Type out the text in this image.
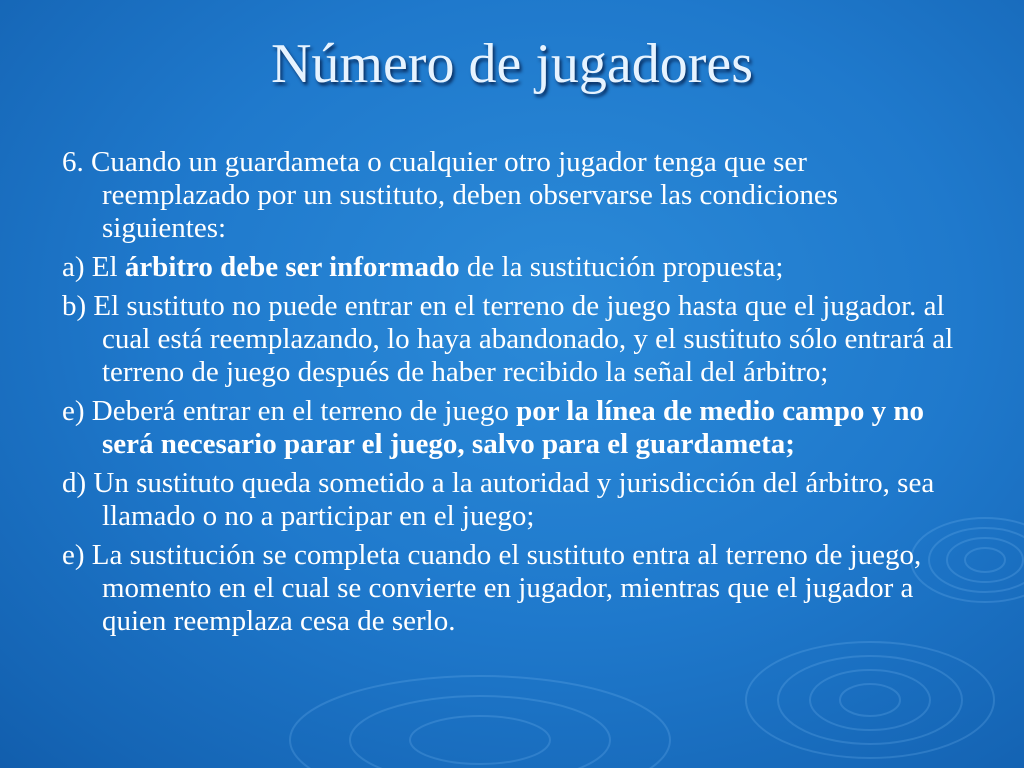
Número de jugadores

6. Cuando un guardameta o cualquier otro jugador tenga que ser reemplazado por un sustituto, deben observarse las condiciones siguientes:

a) El árbitro debe ser informado de la sustitución propuesta;

b) El sustituto no puede entrar en el terreno de juego hasta que el jugador. al cual está reemplazando, lo haya abandonado, y el sustituto sólo entrará al terreno de juego después de haber recibido la señal del árbitro;

e) Deberá entrar en el terreno de juego por la línea de medio campo y no será necesario parar el juego, salvo para el guardameta;

d) Un sustituto queda sometido a la autoridad y jurisdicción del árbitro, sea llamado o no a participar en el juego;

e) La sustitución se completa cuando el sustituto entra al terreno de juego, momento en el cual se convierte en jugador, mientras que el jugador a quien reemplaza cesa de serlo.
